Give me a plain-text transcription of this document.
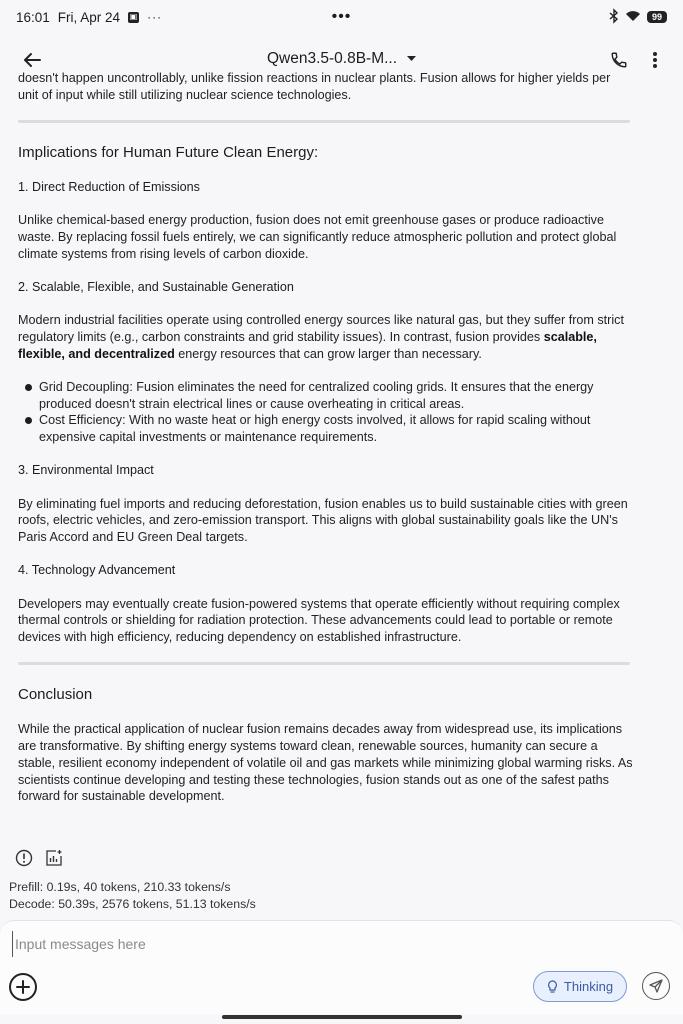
16:01 Fri, Apr 24 ▣ ···	99
•••
Qwen3.5-0.8B-M...

doesn't happen uncontrollably, unlike fission reactions in nuclear plants. Fusion allows for higher yields per unit of input while still utilizing nuclear science technologies.

Implications for Human Future Clean Energy:
1. Direct Reduction of Emissions

Unlike chemical-based energy production, fusion does not emit greenhouse gases or produce radioactive waste. By replacing fossil fuels entirely, we can significantly reduce atmospheric pollution and protect global climate systems from rising levels of carbon dioxide.

2. Scalable, Flexible, and Sustainable Generation

Modern industrial facilities operate using controlled energy sources like natural gas, but they suffer from strict regulatory limits (e.g., carbon constraints and grid stability issues). In contrast, fusion provides scalable, flexible, and decentralized energy resources that can grow larger than necessary.

Grid Decoupling: Fusion eliminates the need for centralized cooling grids. It ensures that the energy produced doesn't strain electrical lines or cause overheating in critical areas.
Cost Efficiency: With no waste heat or high energy costs involved, it allows for rapid scaling without expensive capital investments or maintenance requirements.
3. Environmental Impact

By eliminating fuel imports and reducing deforestation, fusion enables us to build sustainable cities with green roofs, electric vehicles, and zero-emission transport. This aligns with global sustainability goals like the UN's Paris Accord and EU Green Deal targets.

4. Technology Advancement

Developers may eventually create fusion-powered systems that operate efficiently without requiring complex thermal controls or shielding for radiation protection. These advancements could lead to portable or remote devices with high efficiency, reducing dependency on established infrastructure.

Conclusion

While the practical application of nuclear fusion remains decades away from widespread use, its implications are transformative. By shifting energy systems toward clean, renewable sources, humanity can secure a stable, resilient economy independent of volatile oil and gas markets while minimizing global warming risks. As scientists continue developing and testing these technologies, fusion stands out as one of the safest paths forward for sustainable development.

Prefill: 0.19s, 40 tokens, 210.33 tokens/s
Decode: 50.39s, 2576 tokens, 51.13 tokens/s
Input messages here
Thinking
